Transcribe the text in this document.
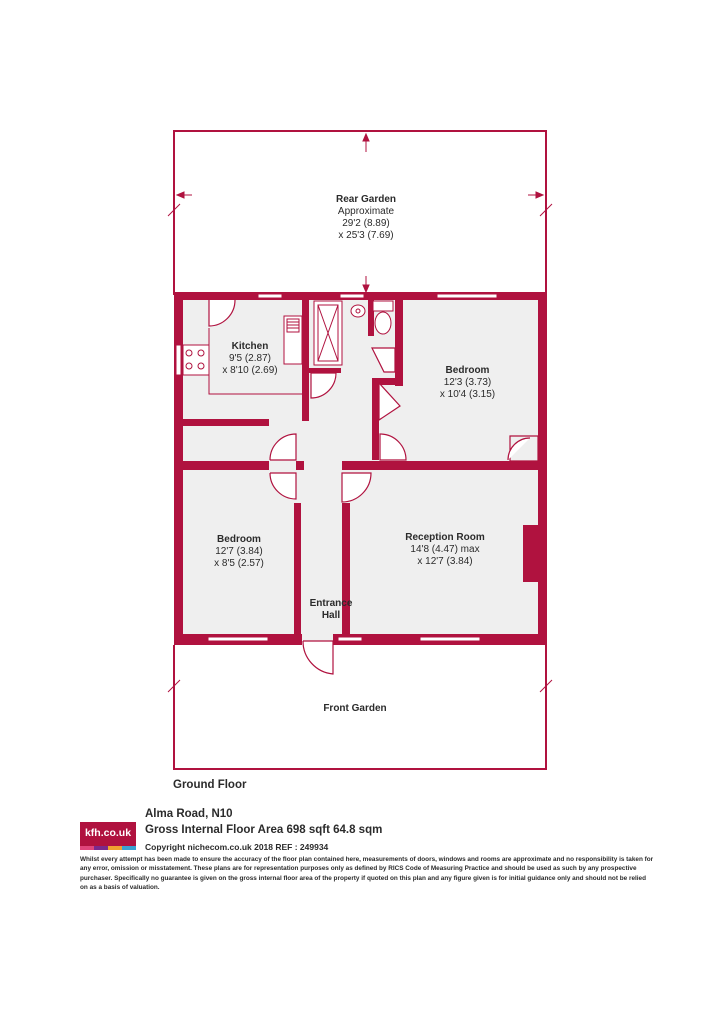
Rear Garden
Approximate
29'2 (8.89)
x 25'3 (7.69)
Kitchen
9'5 (2.87)
x 8'10 (2.69)	Bedroom
12'3 (3.73)
x 10'4 (3.15)
Bedroom
12'7 (3.84)
x 8'5 (2.57)
Reception Room
14'8 (4.47) max
x 12'7 (3.84)
Entrance
Hall
Front Garden
Ground Floor
kfh.co.uk
Alma Road, N10
Gross Internal Floor Area 698 sqft 64.8 sqm
Copyright nichecom.co.uk 2018 REF : 249934
Whilst every attempt has been made to ensure the accuracy of the floor plan contained here, measurements of doors, windows and rooms are approximate and no responsibility is taken for any error, omission or misstatement. These plans are for representation purposes only as defined by RICS Code of Measuring Practice and should be used as such by any prospective purchaser. Specifically no guarantee is given on the gross internal floor area of the property if quoted on this plan and any figure given is for initial guidance only and should not be relied on as a basis of valuation.
